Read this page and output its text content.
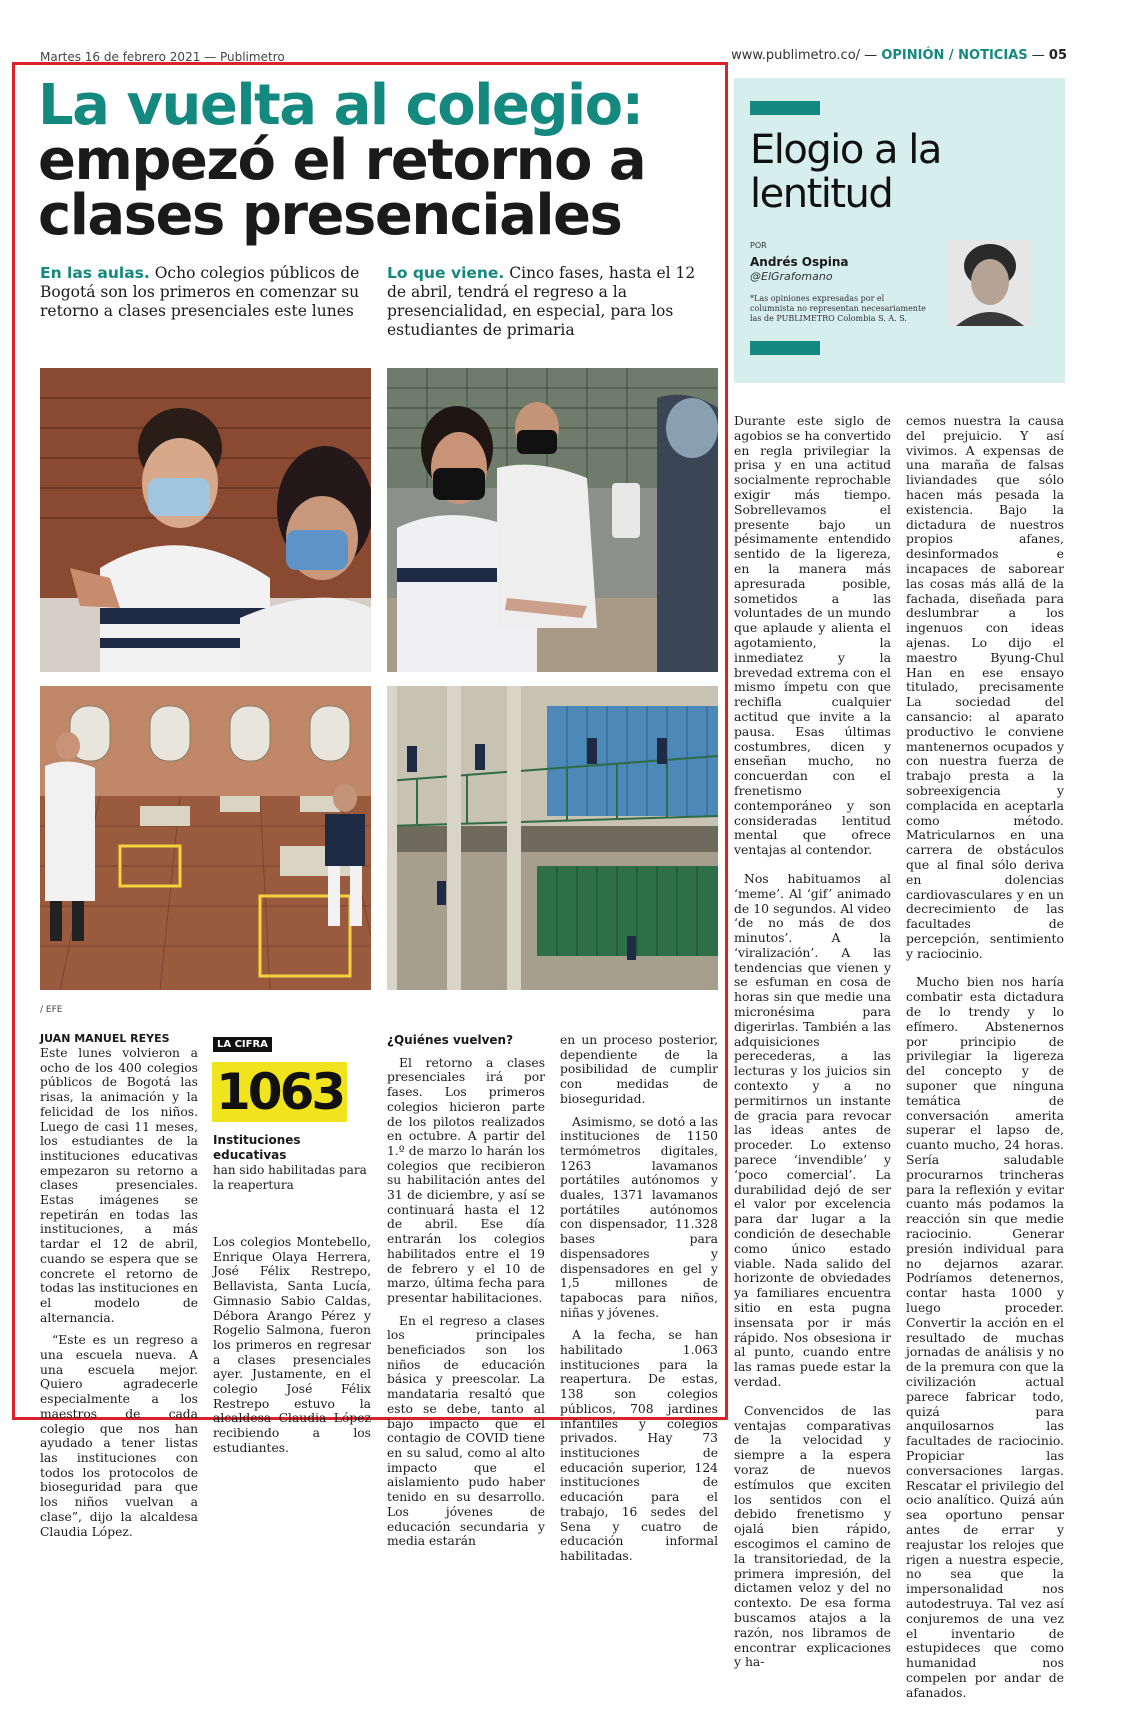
Martes 16 de febrero 2021 — Publimetro	www.publimetro.co/ — OPINIÓN / NOTICIAS — 05
La vuelta al colegio:
empezó el retorno a
clases presenciales
En las aulas. Ocho colegios públicos de Bogotá son los primeros en comenzar su retorno a clases presenciales este lunes
Lo que viene. Cinco fases, hasta el 12 de abril, tendrá el regreso a la presencialidad, en especial, para los estudiantes de primaria
/ EFE
JUAN MANUEL REYES

Este lunes volvieron a ocho de los 400 colegios públicos de Bogotá las risas, la animación y la felicidad de los niños. Luego de casi 11 meses, los estudiantes de la instituciones educativas empezaron su retorno a clases presenciales. Estas imágenes se repetirán en todas las instituciones, a más tardar el 12 de abril, cuando se espera que se concrete el retorno de todas las instituciones en el modelo de alternancia.

“Este es un regreso a una escuela nueva. A una escuela mejor. Quiero agradecerle especialmente a los maestros de cada colegio que nos han ayudado a tener listas las instituciones con todos los protocolos de bioseguridad para que los niños vuelvan a clase”, dijo la alcaldesa Claudia López.

LA CIFRA
1063
Instituciones educativas
han sido habilitadas para la reapertura

Los colegios Montebello, Enrique Olaya Herrera, José Félix Restrepo, Bellavista, Santa Lucía, Gimnasio Sabio Caldas, Débora Arango Pérez y Rogelio Salmona, fueron los primeros en regresar a clases presenciales ayer. Justamente, en el colegio José Félix Restrepo estuvo la alcaldesa Claudia López recibiendo a los estudiantes.

¿Quiénes vuelven?

El retorno a clases presenciales irá por fases. Los primeros colegios hicieron parte de los pilotos realizados en octubre. A partir del 1.º de marzo lo harán los colegios que recibieron su habilitación antes del 31 de diciembre, y así se continuará hasta el 12 de abril. Ese día entrarán los colegios habilitados entre el 19 de febrero y el 10 de marzo, última fecha para presentar habilitaciones.

En el regreso a clases los principales beneficiados son los niños de educación básica y preescolar. La mandataria resaltó que esto se debe, tanto al bajo impacto que el contagio de COVID tiene en su salud, como al alto impacto que el aislamiento pudo haber tenido en su desarrollo. Los jóvenes de educación secundaria y media estarán

en un proceso posterior, dependiente de la posibilidad de cumplir con medidas de bioseguridad.

Asimismo, se dotó a las instituciones de 1150 termómetros digitales, 1263 lavamanos portátiles autónomos y duales, 1371 lavamanos portátiles autónomos con dispensador, 11.328 bases para dispensadores y dispensadores en gel y 1,5 millones de tapabocas para niños, niñas y jóvenes.

A la fecha, se han habilitado 1.063 instituciones para la reapertura. De estas, 138 son colegios públicos, 708 jardines infantiles y colegios privados. Hay 73 instituciones de educación superior, 124 instituciones de educación para el trabajo, 16 sedes del Sena y cuatro de educación informal habilitadas.

Elogio a la
lentitud
POR
Andrés Ospina
@ElGrafomano
*Las opiniones expresadas por el columnista no representan necesariamente las de PUBLIMETRO Colombia S. A. S.

Durante este siglo de agobios se ha convertido en regla privilegiar la prisa y en una actitud socialmente reprochable exigir más tiempo. Sobrellevamos el presente bajo un pésimamente entendido sentido de la ligereza, en la manera más apresurada posible, sometidos a las voluntades de un mundo que aplaude y alienta el agotamiento, la inmediatez y la brevedad extrema con el mismo ímpetu con que rechifla cualquier actitud que invite a la pausa. Esas últimas costumbres, dicen y enseñan mucho, no concuerdan con el frenetismo contemporáneo y son consideradas lentitud mental que ofrece ventajas al contendor.

Nos habituamos al ‘meme’. Al ‘gif’ animado de 10 segundos. Al video ‘de no más de dos minutos’. A la ‘viralización’. A las tendencias que vienen y se esfuman en cosa de horas sin que medie una micronésima para digerirlas. También a las adquisiciones perecederas, a las lecturas y los juicios sin contexto y a no permitirnos un instante de gracia para revocar las ideas antes de proceder. Lo extenso parece ‘invendible’ y ‘poco comercial’. La durabilidad dejó de ser el valor por excelencia para dar lugar a la condición de desechable como único estado viable. Nada salido del horizonte de obviedades ya familiares encuentra sitio en esta pugna insensata por ir más rápido. Nos obsesiona ir al punto, cuando entre las ramas puede estar la verdad.

Convencidos de las ventajas comparativas de la velocidad y siempre a la espera voraz de nuevos estímulos que exciten los sentidos con el debido frenetismo y ojalá bien rápido, escogimos el camino de la transitoriedad, de la primera impresión, del dictamen veloz y del no contexto. De esa forma buscamos atajos a la razón, nos libramos de encontrar explicaciones y ha-

cemos nuestra la causa del prejuicio. Y así vivimos. A expensas de una maraña de falsas liviandades que sólo hacen más pesada la existencia. Bajo la dictadura de nuestros propios afanes, desinformados e incapaces de saborear las cosas más allá de la fachada, diseñada para deslumbrar a los ingenuos con ideas ajenas. Lo dijo el maestro Byung-Chul Han en ese ensayo titulado, precisamente La sociedad del cansancio: al aparato productivo le conviene mantenernos ocupados y con nuestra fuerza de trabajo presta a la sobreexigencia y complacida en aceptarla como método. Matricularnos en una carrera de obstáculos que al final sólo deriva en dolencias cardiovasculares y en un decrecimiento de las facultades de percepción, sentimiento y raciocinio.

Mucho bien nos haría combatir esta dictadura de lo trendy y lo efímero. Abstenernos por principio de privilegiar la ligereza del concepto y de suponer que ninguna temática de conversación amerita superar el lapso de, cuanto mucho, 24 horas. Sería saludable procurarnos trincheras para la reflexión y evitar cuanto más podamos la reacción sin que medie raciocinio. Generar presión individual para no dejarnos azarar. Podríamos detenernos, contar hasta 1000 y luego proceder. Convertir la acción en el resultado de muchas jornadas de análisis y no de la premura con que la civilización actual parece fabricar todo, quizá para anquilosarnos las facultades de raciocinio. Propiciar las conversaciones largas. Rescatar el privilegio del ocio analítico. Quizá aún sea oportuno pensar antes de errar y reajustar los relojes que rigen a nuestra especie, no sea que la impersonalidad nos autodestruya. Tal vez así conjuremos de una vez el inventario de estupideces que como humanidad nos compelen por andar de afanados.
